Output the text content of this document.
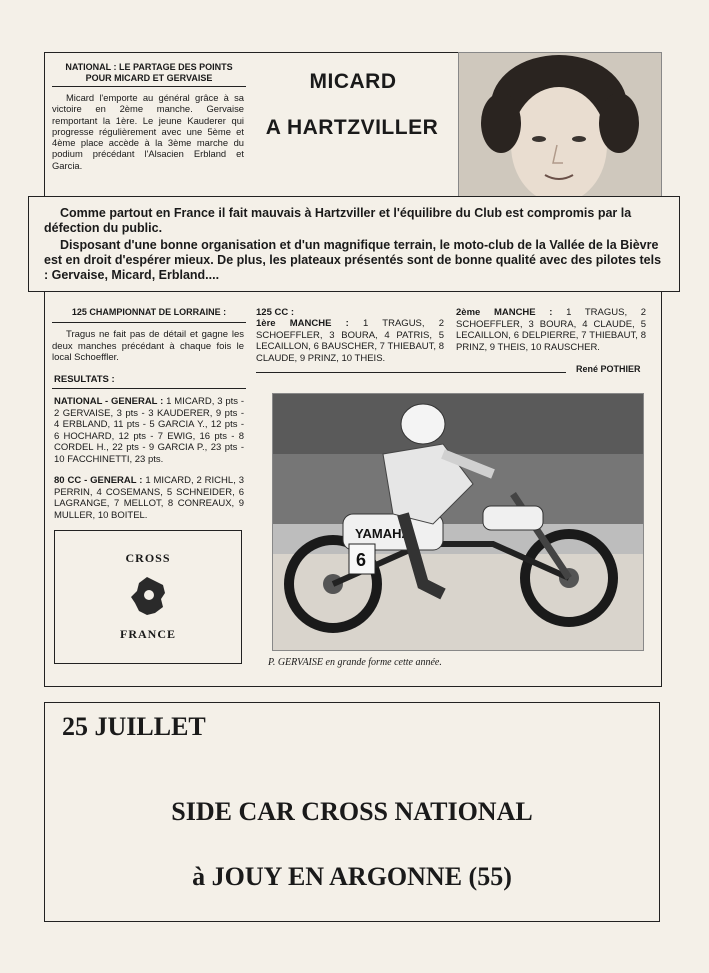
NATIONAL : LE PARTAGE DES POINTS
POUR MICARD ET GERVAISE
Micard l'emporte au général grâce à sa victoire en 2ème manche. Gervaise remportant la 1ère. Le jeune Kauderer qui progresse régulièrement avec une 5ème et 4ème place accède à la 3ème marche du podium précédant l'Alsacien Erbland et Garcia.
MICARD
A HARTZVILLER
Comme partout en France il fait mauvais à Hartzviller et l'équilibre du Club est compromis par la défection du public.
Disposant d'une bonne organisation et d'un magnifique terrain, le moto-club de la Vallée de la Bièvre est en droit d'espérer mieux. De plus, les plateaux présentés sont de bonne qualité avec des pilotes tels : Gervaise, Micard, Erbland....
125 CHAMPIONNAT DE LORRAINE :
Tragus ne fait pas de détail et gagne les deux manches précédant à chaque fois le local Schoeffler.
RESULTATS :
NATIONAL - GENERAL : 1 MICARD, 3 pts - 2 GERVAISE, 3 pts - 3 KAUDERER, 9 pts - 4 ERBLAND, 11 pts - 5 GARCIA Y., 12 pts - 6 HOCHARD, 12 pts - 7 EWIG, 16 pts - 8 CORDEL H., 22 pts - 9 GARCIA P., 23 pts - 10 FACCHINETTI, 23 pts.
80 CC - GENERAL : 1 MICARD, 2 RICHL, 3 PERRIN, 4 COSEMANS, 5 SCHNEIDER, 6 LAGRANGE, 7 MELLOT, 8 CONREAUX, 9 MULLER, 10 BOITEL.
125 CC :
1ère MANCHE : 1 TRAGUS, 2 SCHOEFFLER, 3 BOURA, 4 PATRIS, 5 LECAILLON, 6 BAUSCHER, 7 THIEBAUT, 8 CLAUDE, 9 PRINZ, 10 THEIS.
2ème MANCHE : 1 TRAGUS, 2 SCHOEFFLER, 3 BOURA, 4 CLAUDE, 5 LECAILLON, 6 DELPIERRE, 7 THIEBAUT, 8 PRINZ, 9 THEIS, 10 RAUSCHER.
René POTHIER
CROSS
FRANCE
YAMAHA
6
P. GERVAISE en grande forme cette année.
25 JUILLET
SIDE CAR CROSS NATIONAL
à JOUY EN ARGONNE (55)
